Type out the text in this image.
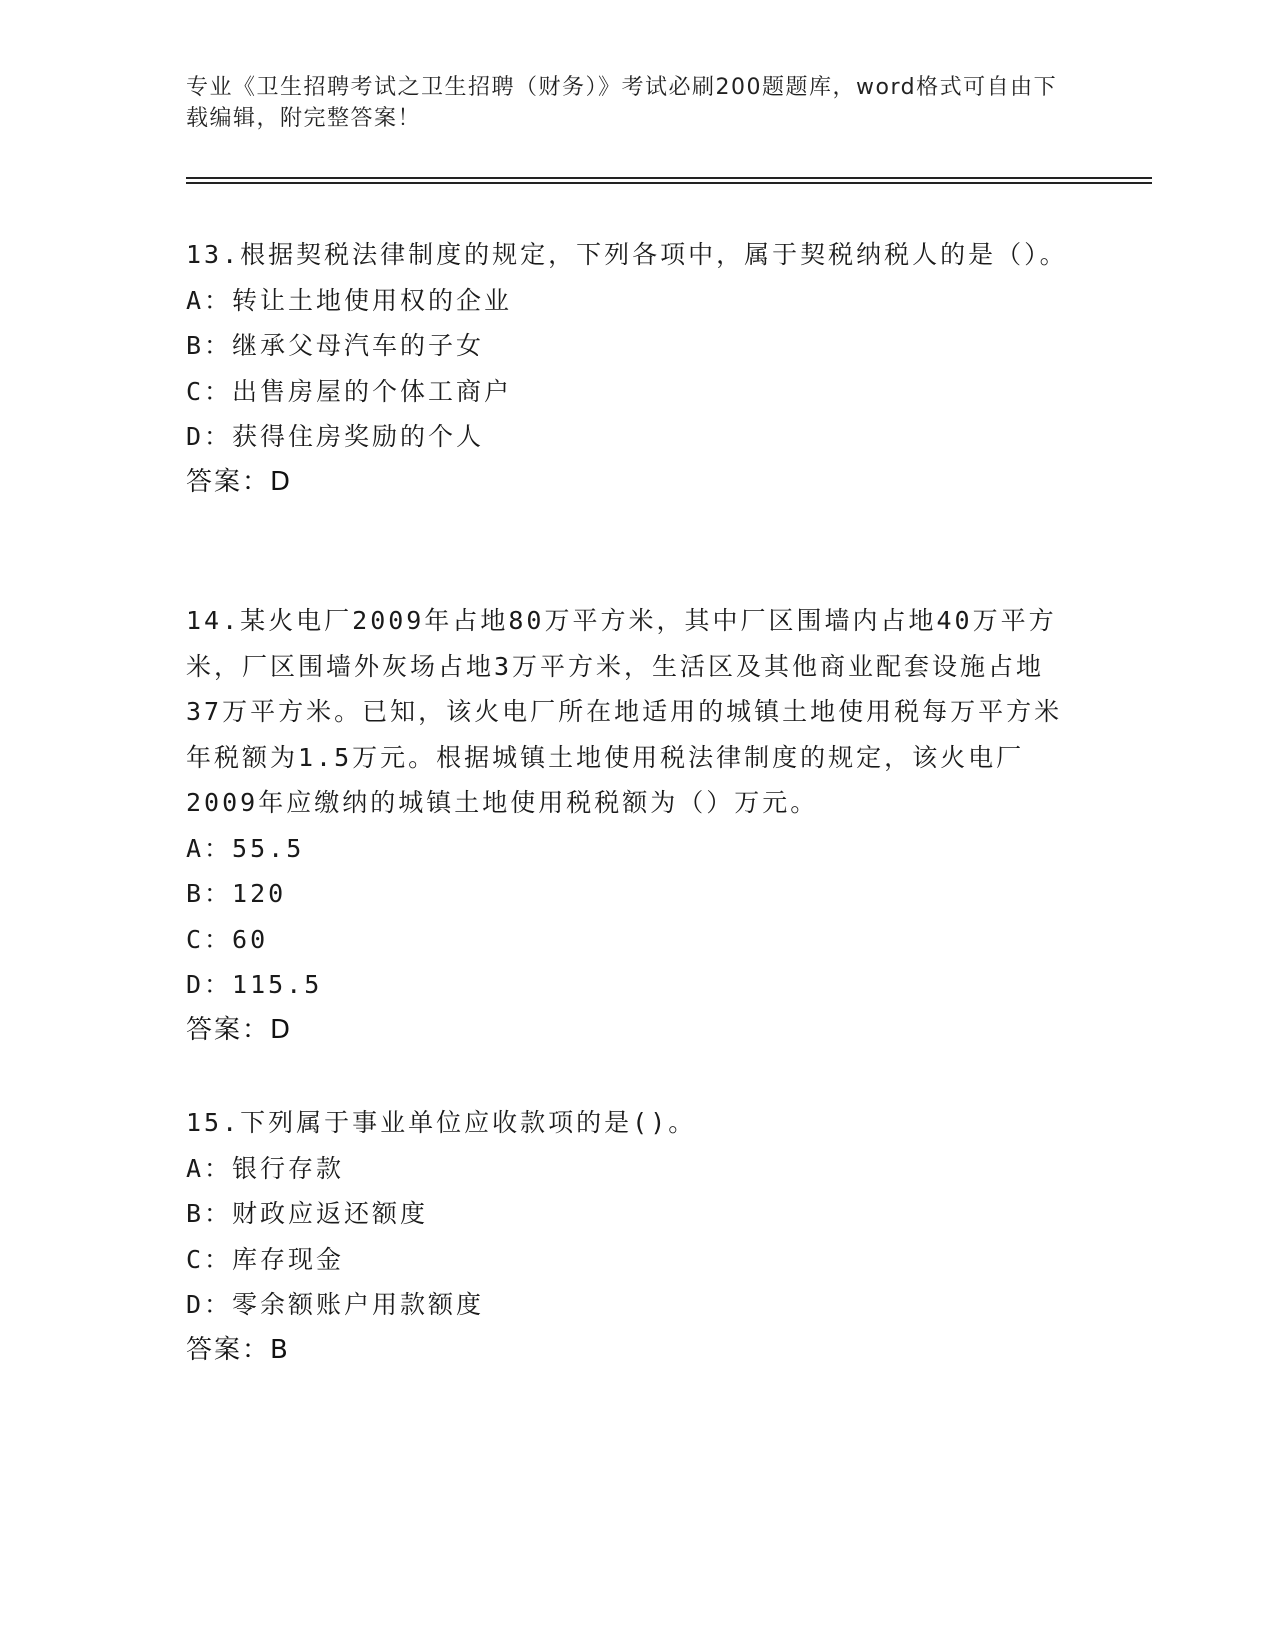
专业《卫生招聘考试之卫生招聘（财务）》考试必刷200题题库，word格式可自由下载编辑，附完整答案！

13.根据契税法律制度的规定，下列各项中，属于契税纳税人的是（）。

A：转让土地使用权的企业

B：继承父母汽车的子女

C：出售房屋的个体工商户

D：获得住房奖励的个人

答案：D

14.某火电厂2009年占地80万平方米，其中厂区围墙内占地40万平方米，厂区围墙外灰场占地3万平方米，生活区及其他商业配套设施占地37万平方米。已知，该火电厂所在地适用的城镇土地使用税每万平方米年税额为1.5万元。根据城镇土地使用税法律制度的规定，该火电厂2009年应缴纳的城镇土地使用税税额为（）万元。

A：55.5

B：120

C：60

D：115.5

答案：D

15.下列属于事业单位应收款项的是()。

A：银行存款

B：财政应返还额度

C：库存现金

D：零余额账户用款额度

答案：B
